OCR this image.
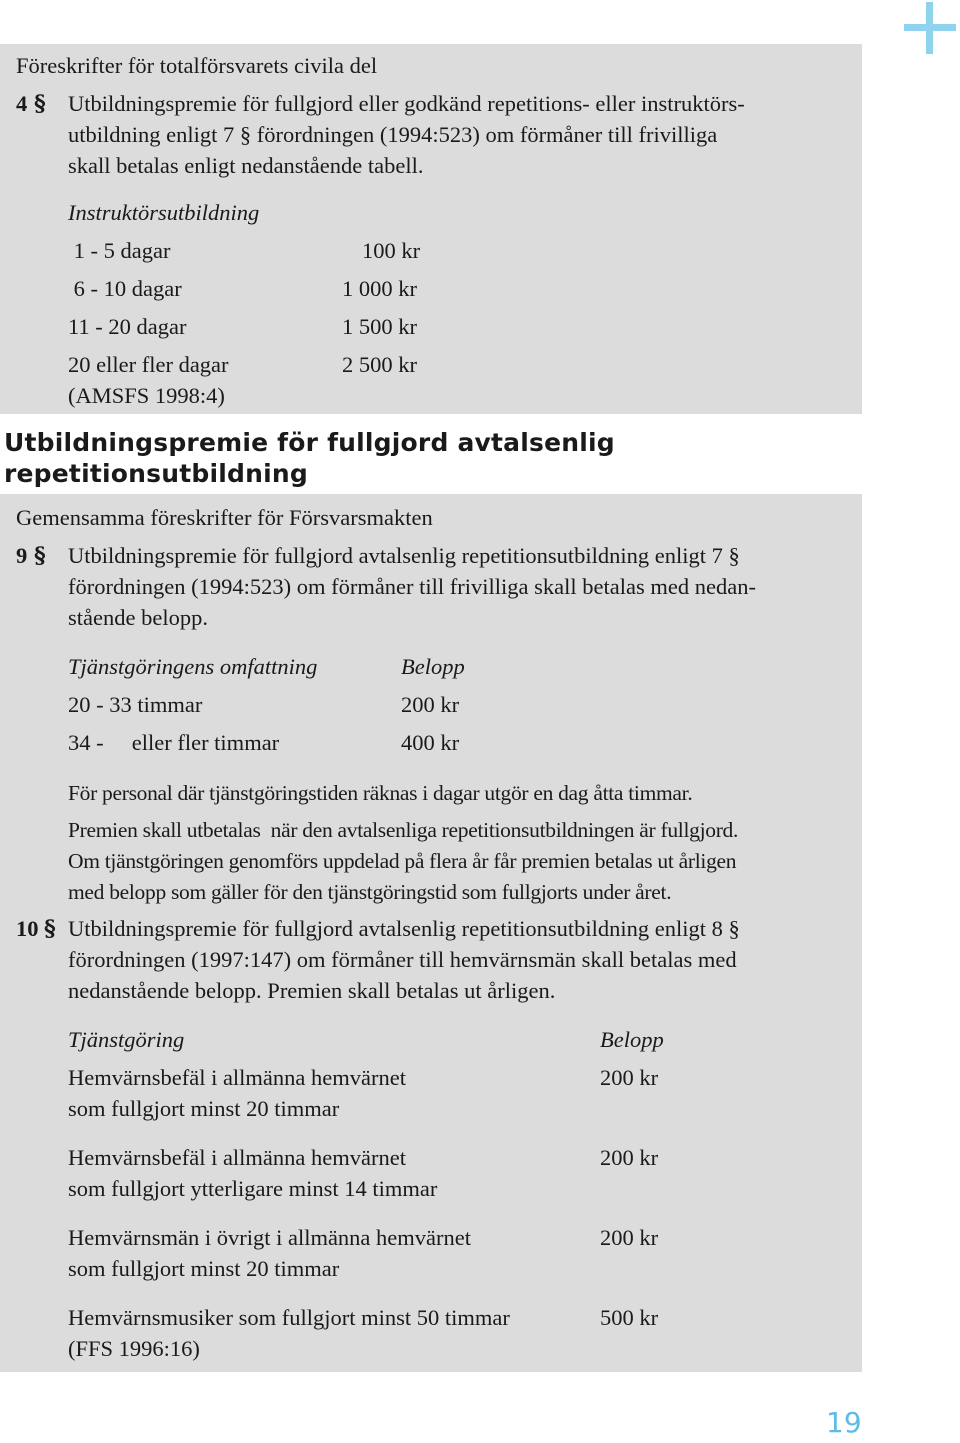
Föreskrifter för totalförsvarets civila del
4 § Utbildningspremie för fullgjord eller godkänd repetitions- eller instruktörs-
utbildning enligt 7 § förordningen (1994:523) om förmåner till frivilliga
skall betalas enligt nedanstående tabell.
Instruktörsutbildning
1 - 5 dagar	100 kr
6 - 10 dagar	1 000 kr
11 - 20 dagar	1 500 kr
20 eller fler dagar	2 500 kr
(AMSFS 1998:4)
Utbildningspremie för fullgjord avtalsenlig
repetitionsutbildning
Gemensamma föreskrifter för Försvarsmakten
9 § Utbildningspremie för fullgjord avtalsenlig repetitionsutbildning enligt 7 §
förordningen (1994:523) om förmåner till frivilliga skall betalas med nedan-
stående belopp.
Tjänstgöringens omfattning	Belopp
20 - 33 timmar	200 kr
34 -     eller fler timmar	400 kr
För personal där tjänstgöringstiden räknas i dagar utgör en dag åtta timmar.
Premien skall utbetalas  när den avtalsenliga repetitionsutbildningen är fullgjord.
Om tjänstgöringen genomförs uppdelad på flera år får premien betalas ut årligen
med belopp som gäller för den tjänstgöringstid som fullgjorts under året.
10 § Utbildningspremie för fullgjord avtalsenlig repetitionsutbildning enligt 8 §
förordningen (1997:147) om förmåner till hemvärnsmän skall betalas med
nedanstående belopp. Premien skall betalas ut årligen.
Tjänstgöring	Belopp
Hemvärnsbefäl i allmänna hemvärnet
som fullgjort minst 20 timmar
200 kr
Hemvärnsbefäl i allmänna hemvärnet
som fullgjort ytterligare minst 14 timmar
200 kr
Hemvärnsmän i övrigt i allmänna hemvärnet
som fullgjort minst 20 timmar
200 kr
Hemvärnsmusiker som fullgjort minst 50 timmar
(FFS 1996:16)
500 kr
19
